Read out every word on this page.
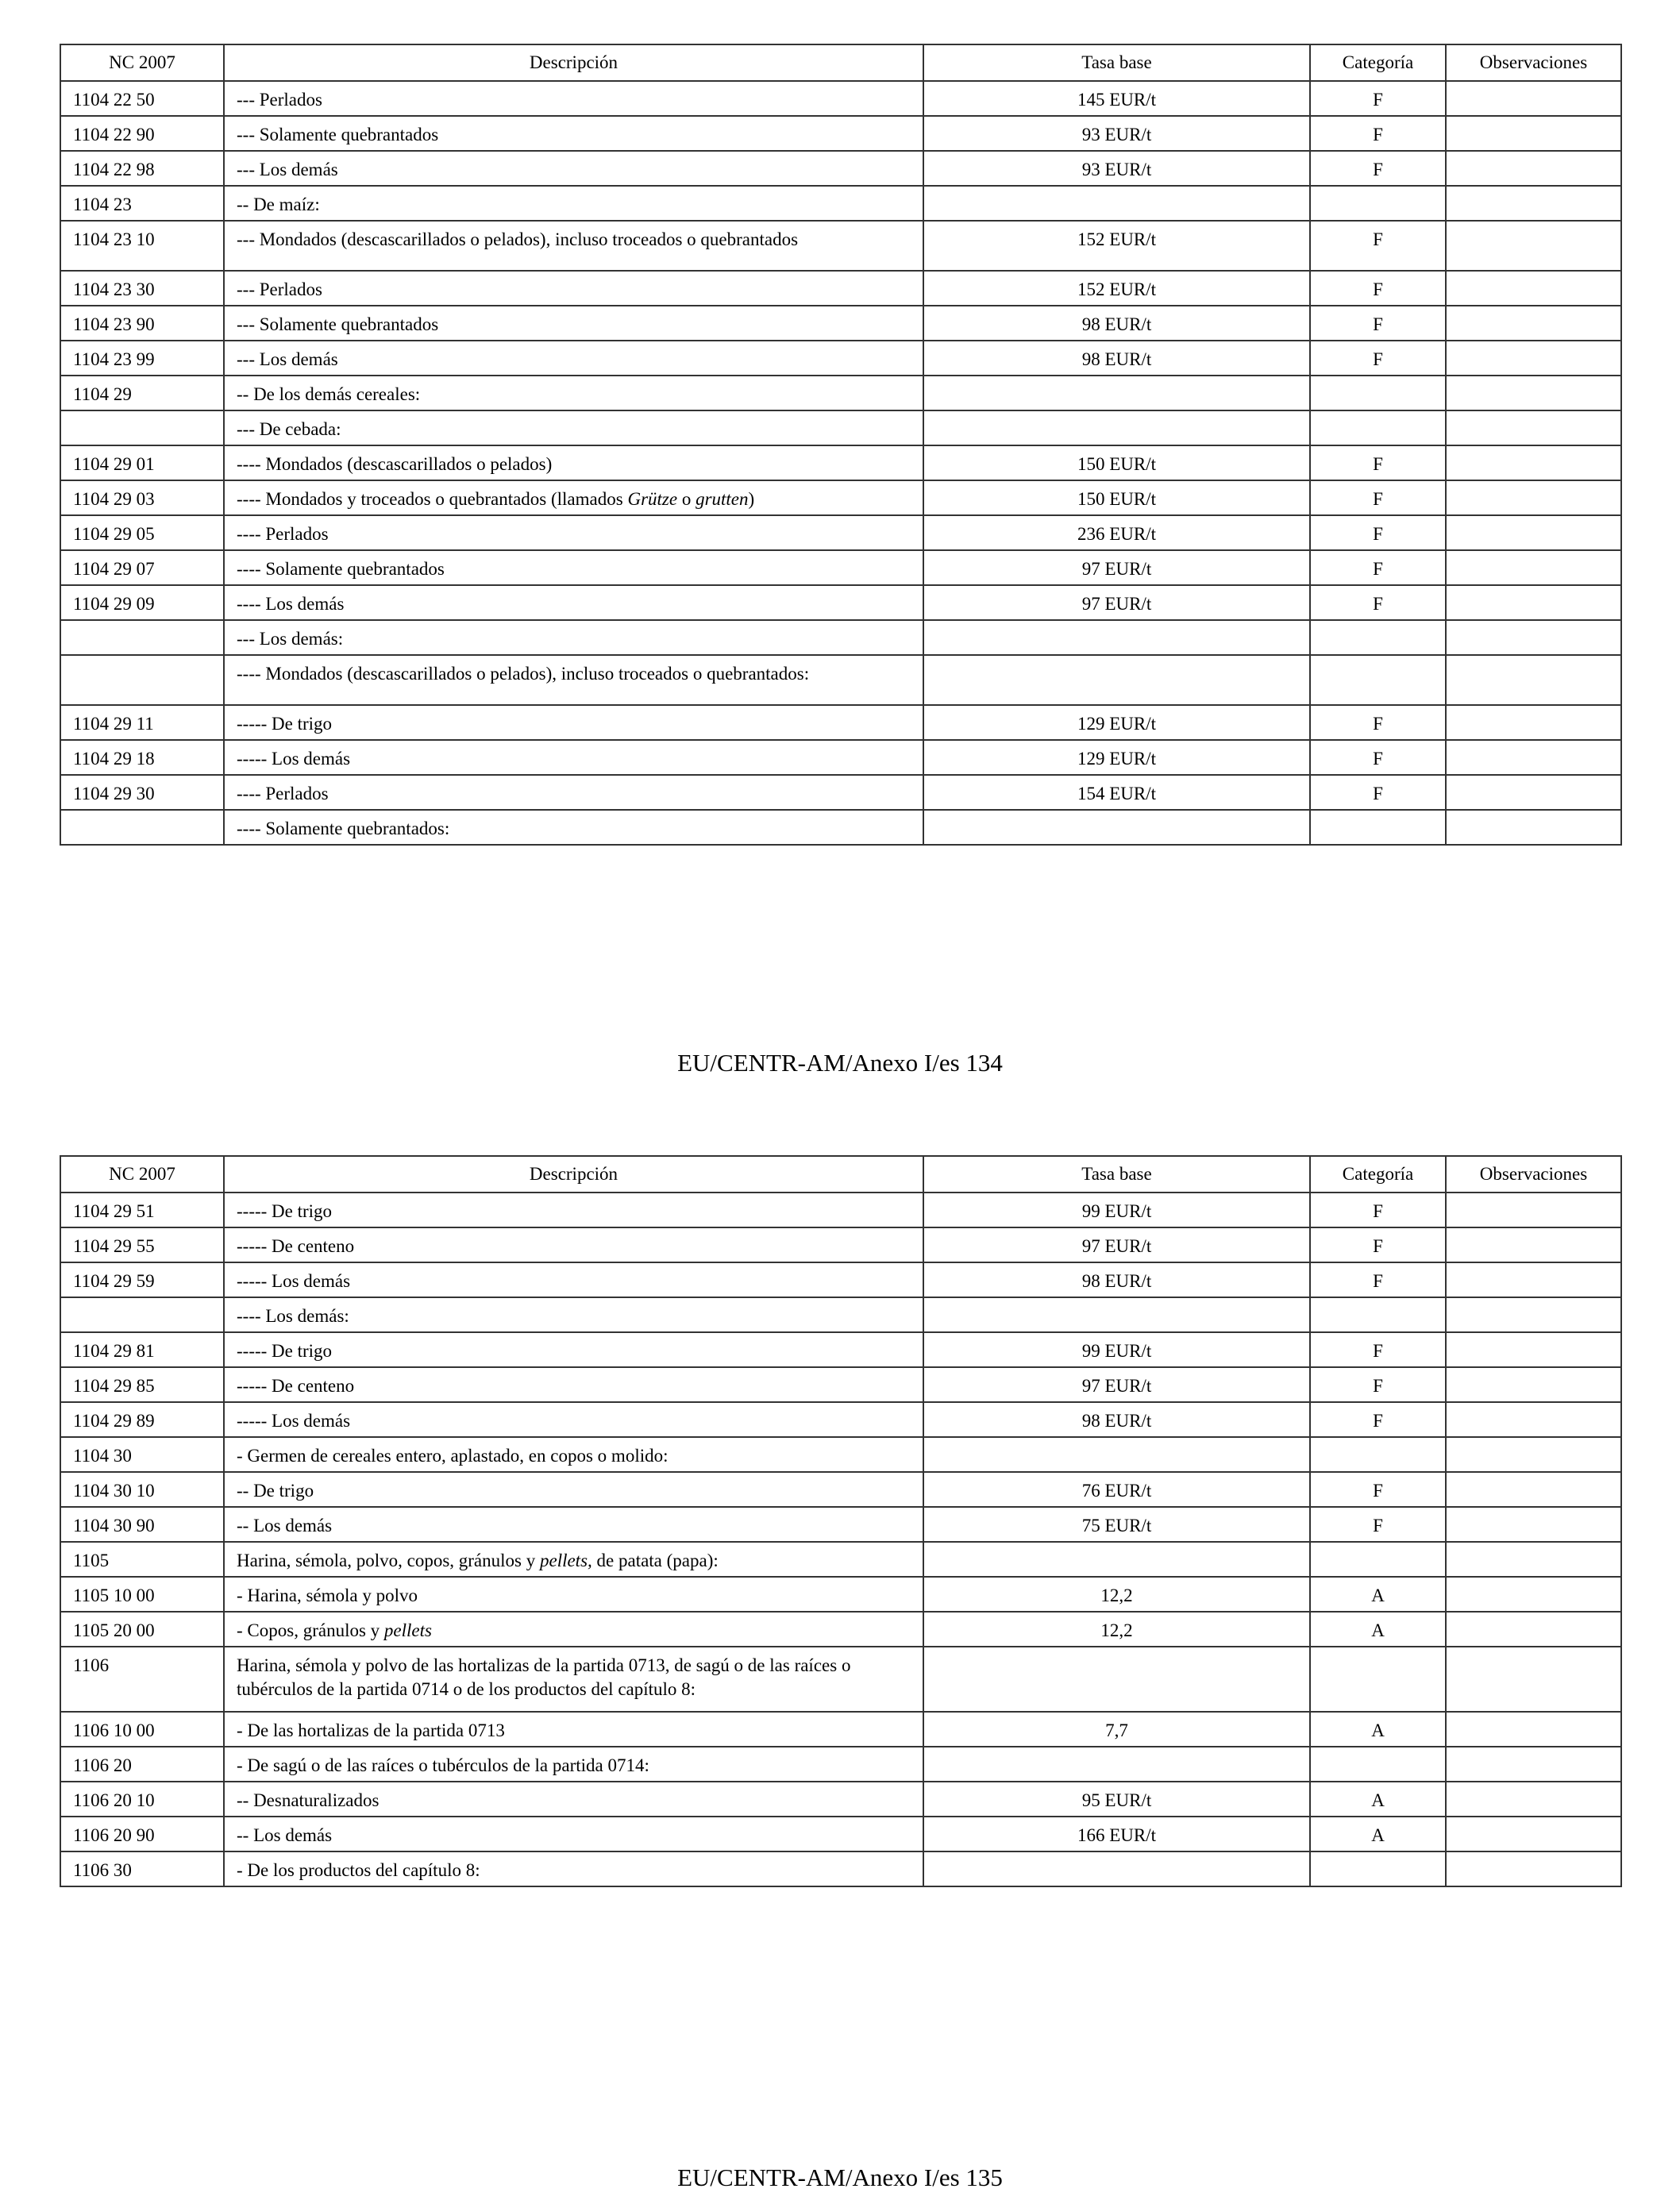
NC 2007	Descripción	Tasa base	Categoría	Observaciones
1104 22 50	--- Perlados	145 EUR/t	F	
1104 22 90	--- Solamente quebrantados	93 EUR/t	F	
1104 22 98	--- Los demás	93 EUR/t	F	
1104 23	-- De maíz:			
1104 23 10	--- Mondados (descascarillados o pelados), incluso troceados o quebrantados	152 EUR/t	F	
1104 23 30	--- Perlados	152 EUR/t	F	
1104 23 90	--- Solamente quebrantados	98 EUR/t	F	
1104 23 99	--- Los demás	98 EUR/t	F	
1104 29	-- De los demás cereales:			
	--- De cebada:			
1104 29 01	---- Mondados (descascarillados o pelados)	150 EUR/t	F	
1104 29 03	---- Mondados y troceados o quebrantados (llamados Grütze o grutten)	150 EUR/t	F	
1104 29 05	---- Perlados	236 EUR/t	F	
1104 29 07	---- Solamente quebrantados	97 EUR/t	F	
1104 29 09	---- Los demás	97 EUR/t	F	
	--- Los demás:			
	---- Mondados (descascarillados o pelados), incluso troceados o quebrantados:			
1104 29 11	----- De trigo	129 EUR/t	F	
1104 29 18	----- Los demás	129 EUR/t	F	
1104 29 30	---- Perlados	154 EUR/t	F	
	---- Solamente quebrantados:			
EU/CENTR-AM/Anexo I/es 134
NC 2007	Descripción	Tasa base	Categoría	Observaciones
1104 29 51	----- De trigo	99 EUR/t	F	
1104 29 55	----- De centeno	97 EUR/t	F	
1104 29 59	----- Los demás	98 EUR/t	F	
	---- Los demás:			
1104 29 81	----- De trigo	99 EUR/t	F	
1104 29 85	----- De centeno	97 EUR/t	F	
1104 29 89	----- Los demás	98 EUR/t	F	
1104 30	- Germen de cereales entero, aplastado, en copos o molido:			
1104 30 10	-- De trigo	76 EUR/t	F	
1104 30 90	-- Los demás	75 EUR/t	F	
1105	Harina, sémola, polvo, copos, gránulos y pellets, de patata (papa):			
1105 10 00	- Harina, sémola y polvo	12,2	A	
1105 20 00	- Copos, gránulos y pellets	12,2	A	
1106	Harina, sémola y polvo de las hortalizas de la partida 0713, de sagú o de las raíces o
tubérculos de la partida 0714 o de los productos del capítulo 8:			
1106 10 00	- De las hortalizas de la partida 0713	7,7	A	
1106 20	- De sagú o de las raíces o tubérculos de la partida 0714:			
1106 20 10	-- Desnaturalizados	95 EUR/t	A	
1106 20 90	-- Los demás	166 EUR/t	A	
1106 30	- De los productos del capítulo 8:			
EU/CENTR-AM/Anexo I/es 135
